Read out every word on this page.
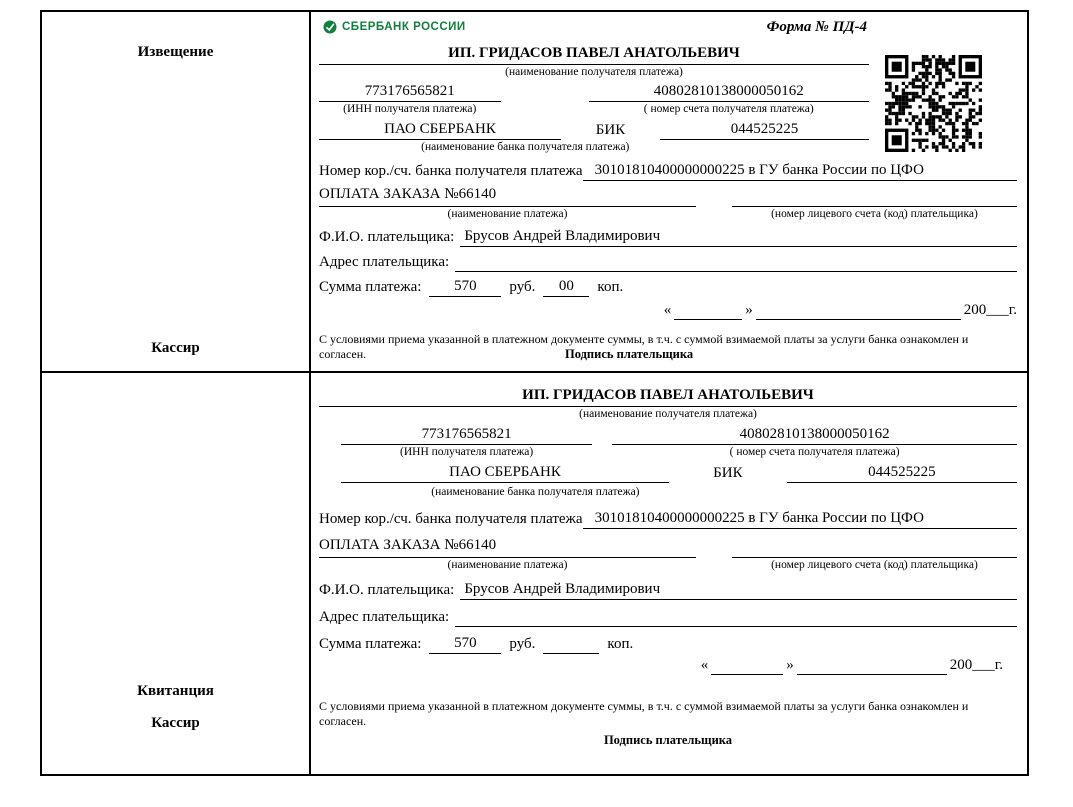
Извещение
Кассир
СБЕРБАНК РОССИИ	Форма № ПД-4
ИП. ГРИДАСОВ ПАВЕЛ АНАТОЛЬЕВИЧ
(наименование получателя платежа)
773176565821
(ИНН получателя платежа)
40802810138000050162
( номер счета получателя платежа)
ПАО СБЕРБАНК	БИК	044525225
(наименование банка получателя платежа)
Номер кор./сч. банка получателя платежа 30101810400000000225 в ГУ банка России по ЦФО
ОПЛАТА ЗАКАЗА №66140
(наименование платежа)	(номер лицевого счета (код) плательщика)
Ф.И.О. плательщика: Брусов Андрей Владимирович
Адрес плательщика:
Сумма платежа:	570	руб.	00	коп.
«	»	200___г.
С условиями приема указанной в платежном документе суммы, в т.ч. с суммой взимаемой платы за услуги банка ознакомлен и согласен.	Подпись плательщика
Квитанция
Кассир
ИП. ГРИДАСОВ ПАВЕЛ АНАТОЛЬЕВИЧ
(наименование получателя платежа)
773176565821
(ИНН получателя платежа)
40802810138000050162
( номер счета получателя платежа)
ПАО СБЕРБАНК	БИК	044525225
(наименование банка получателя платежа)
Номер кор./сч. банка получателя платежа 30101810400000000225 в ГУ банка России по ЦФО
ОПЛАТА ЗАКАЗА №66140
(наименование платежа)	(номер лицевого счета (код) плательщика)
Ф.И.О. плательщика: Брусов Андрей Владимирович
Адрес плательщика:
Сумма платежа:	570	руб.	коп.
«	»	200___г.
С условиями приема указанной в платежном документе суммы, в т.ч. с суммой взимаемой платы за услуги банка ознакомлен и согласен.
Подпись плательщика
